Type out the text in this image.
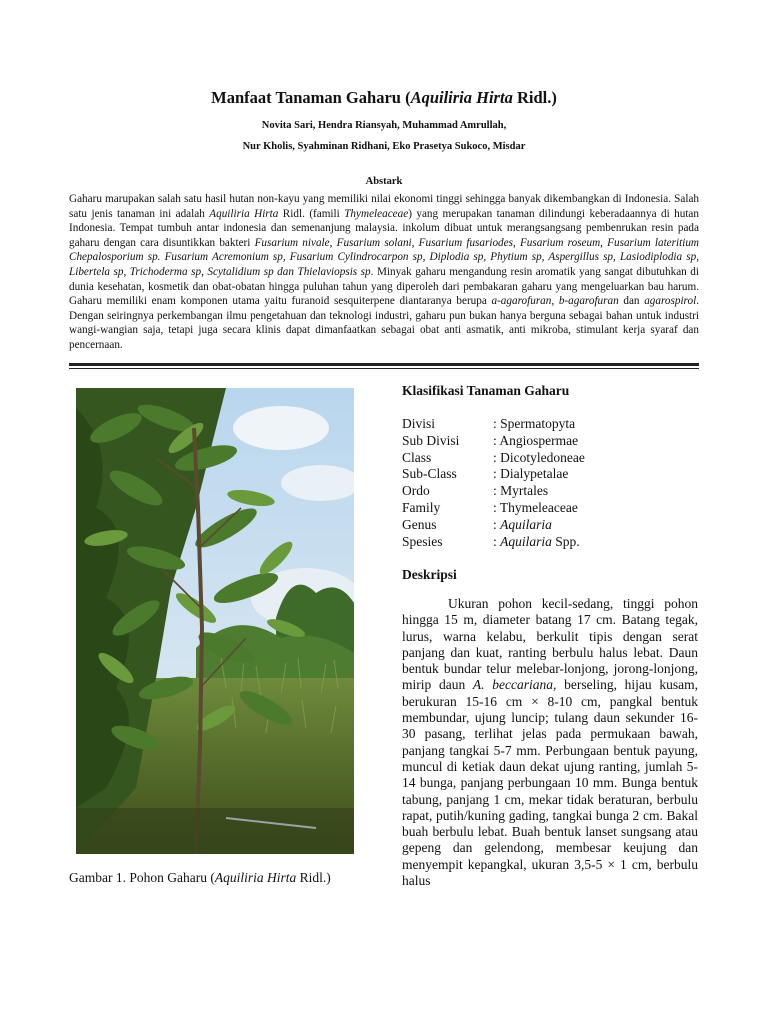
Manfaat Tanaman Gaharu (Aquiliria Hirta Ridl.)
Novita Sari, Hendra Riansyah, Muhammad Amrullah,
Nur Kholis, Syahminan Ridhani, Eko Prasetya Sukoco, Misdar
Abstark
Gaharu marupakan salah satu hasil hutan non-kayu yang memiliki nilai ekonomi tinggi sehingga banyak dikembangkan di Indonesia. Salah satu jenis tanaman ini adalah Aquiliria Hirta Ridl. (famili Thymeleaceae) yang merupakan tanaman dilindungi keberadaannya di hutan Indonesia. Tempat tumbuh antar indonesia dan semenanjung malaysia. inkolum dibuat untuk merangsangsang pembenrukan resin pada gaharu dengan cara disuntikkan bakteri Fusarium nivale, Fusarium solani, Fusarium fusariodes, Fusarium roseum, Fusarium lateritium Chepalosporium sp. Fusarium Acremonium sp, Fusarium Cylindrocarpon sp, Diplodia sp, Phytium sp, Aspergillus sp, Lasiodiplodia sp, Libertela sp, Trichoderma sp, Scytalidium sp dan Thielaviopsis sp. Minyak gaharu mengandung resin aromatik yang sangat dibutuhkan di dunia kesehatan, kosmetik dan obat-obatan hingga puluhan tahun yang diperoleh dari pembakaran gaharu yang mengeluarkan bau harum. Gaharu memiliki enam komponen utama yaitu furanoid sesquiterpene diantaranya berupa a-agarofuran, b-agarofuran dan agarospirol. Dengan seiringnya perkembangan ilmu pengetahuan dan teknologi industri, gaharu pun bukan hanya berguna sebagai bahan untuk industri wangi-wangian saja, tetapi juga secara klinis dapat dimanfaatkan sebagai obat anti asmatik, anti mikroba, stimulant kerja syaraf dan pencernaan.
Gambar 1. Pohon Gaharu (Aquiliria Hirta Ridl.)
Klasifikasi Tanaman Gaharu
Divisi	: Spermatopyta
Sub Divisi	: Angiospermae
Class	: Dicotyledoneae
Sub-Class	: Dialypetalae
Ordo	: Myrtales
Family	: Thymeleaceae
Genus	: Aquilaria
Spesies	: Aquilaria Spp.
Deskripsi

Ukuran pohon kecil-sedang, tinggi pohon hingga 15 m, diameter batang 17 cm. Batang tegak, lurus, warna kelabu, berkulit tipis dengan serat panjang dan kuat, ranting berbulu halus lebat. Daun bentuk bundar telur melebar-lonjong, jorong-lonjong, mirip daun A. beccariana, berseling, hijau kusam, berukuran 15-16 cm × 8-10 cm, pangkal bentuk membundar, ujung luncip; tulang daun sekunder 16-30 pasang, terlihat jelas pada permukaan bawah, panjang tangkai 5-7 mm. Perbungaan bentuk payung, muncul di ketiak daun dekat ujung ranting, jumlah 5-14 bunga, panjang perbungaan 10 mm. Bunga bentuk tabung, panjang 1 cm, mekar tidak beraturan, berbulu rapat, putih/kuning gading, tangkai bunga 2 cm. Bakal buah berbulu lebat. Buah bentuk lanset sungsang atau gepeng dan gelendong, membesar keujung dan menyempit kepangkal, ukuran 3,5-5 × 1 cm, berbulu halus
